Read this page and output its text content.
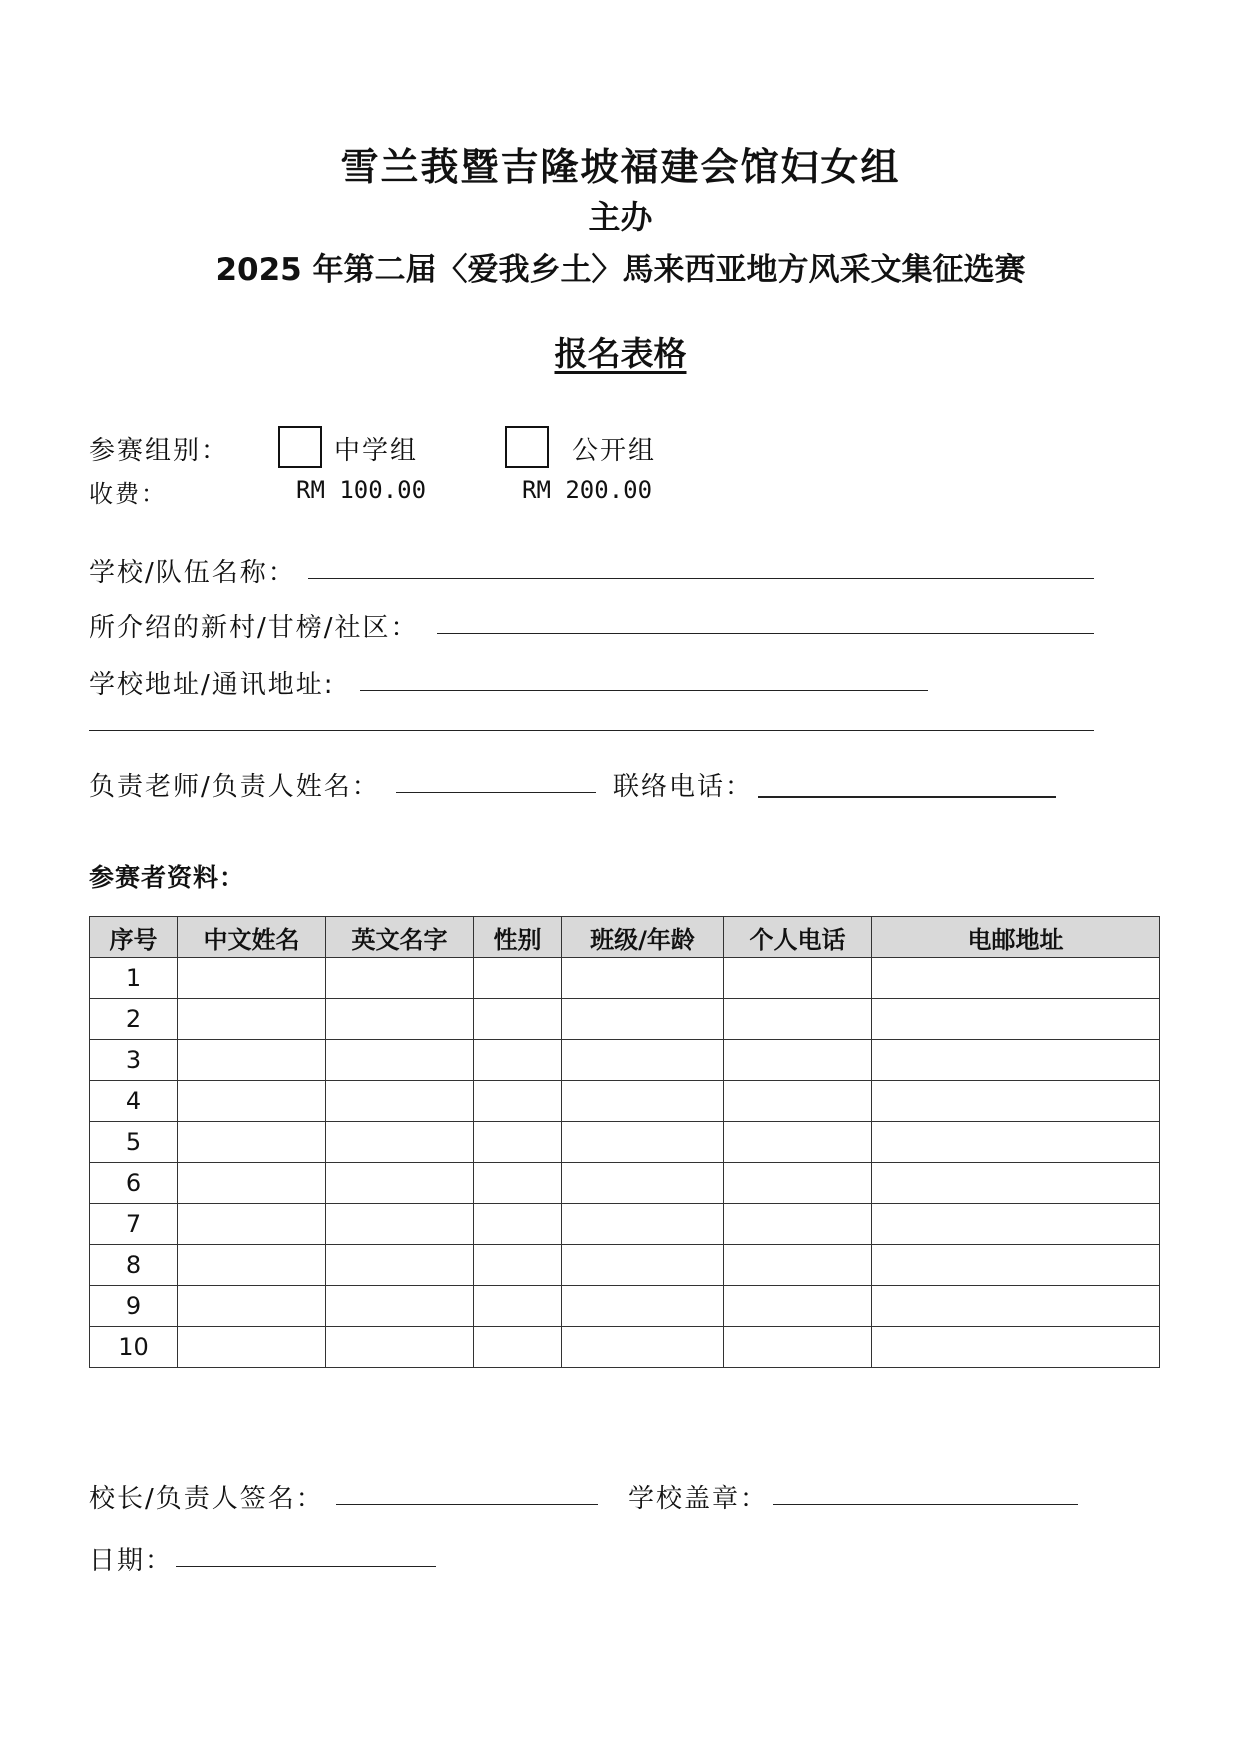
雪兰莪暨吉隆坡福建会馆妇女组
主办
2025 年第二届〈爱我乡土〉馬来西亚地方风采文集征选赛
报名表格
参赛组别：	中学组	公开组
收费：	RM 100.00	RM 200.00
学校/队伍名称：
所介绍的新村/甘榜/社区：
学校地址/通讯地址:
负责老师/负责人姓名：	联络电话：
参赛者资料：
序号	中文姓名	英文名字	性别	班级/年龄	个人电话	电邮地址
1						
2						
3						
4						
5						
6						
7						
8						
9						
10						
校长/负责人签名：	学校盖章：
日期：
